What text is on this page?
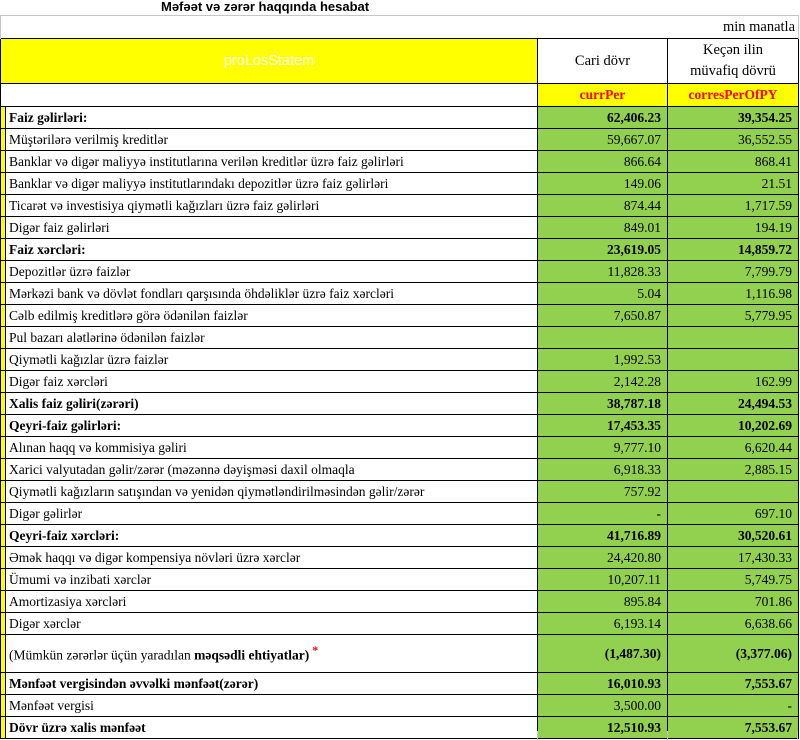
Məfəət və zərər haqqında hesabat
min manatla			
proLosStatem		Cari dövr	Keçən ilin
müvafiq dövrü
		currPer	corresPerOfPY
	Faiz gəlirləri:	62,406.23	39,354.25
	Müştərilərə verilmiş kreditlər	59,667.07	36,552.55
	Banklar və digər maliyyə institutlarına verilən kreditlər üzrə faiz gəlirləri	866.64	868.41
	Banklar və digər maliyyə institutlarındakı depozitlər üzrə faiz gəlirləri	149.06	21.51
	Ticarət və investisiya qiymətli kağızları üzrə faiz gəlirləri	874.44	1,717.59
	Digər faiz gəlirləri	849.01	194.19
	Faiz xərcləri:	23,619.05	14,859.72
	Depozitlər üzrə faizlər	11,828.33	7,799.79
	Mərkəzi bank və dövlət fondları qarşısında öhdəliklər üzrə faiz xərcləri	5.04	1,116.98
	Cəlb edilmiş kreditlərə görə ödənilən faizlər	7,650.87	5,779.95
	Pul bazarı alətlərinə ödənilən faizlər		
	Qiymətli kağızlar üzrə faizlər	1,992.53	
	Digər faiz xərcləri	2,142.28	162.99
	Xalis faiz gəliri(zərəri)	38,787.18	24,494.53
	Qeyri-faiz gəlirləri:	17,453.35	10,202.69
	Alınan haqq və kommisiya gəliri	9,777.10	6,620.44
	Xarici valyutadan gəlir/zərər (məzənnə dəyişməsi daxil olmaqla	6,918.33	2,885.15
	Qiymətli kağızların satışından və yenidən qiymətləndirilməsindən gəlir/zərər	757.92	
	Digər gəlirlər	-	697.10
	Qeyri-faiz xərcləri:	41,716.89	30,520.61
	Əmək haqqı və digər kompensiya növləri üzrə xərclər	24,420.80	17,430.33
	Ümumi və inzibati xərclər	10,207.11	5,749.75
	Amortizasiya xərcləri	895.84	701.86
	Digər xərclər	6,193.14	6,638.66
	(Mümkün zərərlər üçün yaradılan məqsədli ehtiyatlar) *	(1,487.30)	(3,377.06)
	Mənfəət vergisindən əvvəlki mənfəət(zərər)	16,010.93	7,553.67
	Mənfəət vergisi	3,500.00	-
	Dövr üzrə xalis mənfəət	12,510.93	7,553.67
